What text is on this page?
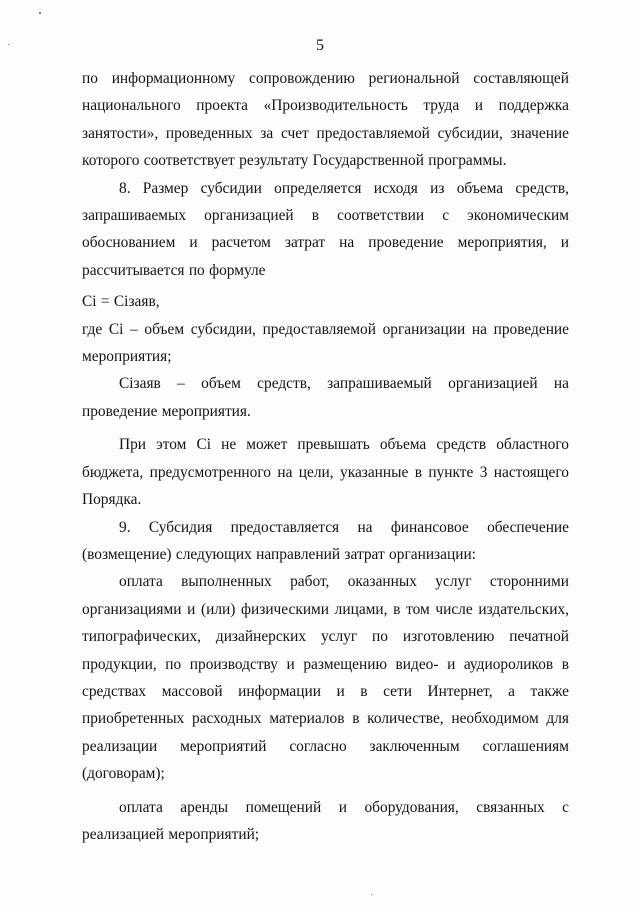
5

по информационному сопровождению региональной составляющей национального проекта «Производительность труда и поддержка занятости», проведенных за счет предоставляемой субсидии, значение которого соответствует результату Государственной программы.

8. Размер субсидии определяется исходя из объема средств, запрашиваемых организацией в соответствии с экономическим обоснованием и расчетом затрат на проведение мероприятия, и рассчитывается по формуле

Ci = Ciзаяв,

где Ci – объем субсидии, предоставляемой организации на проведение мероприятия;

Ciзаяв – объем средств, запрашиваемый организацией на проведение мероприятия.

При этом Ci не может превышать объема средств областного бюджета, предусмотренного на цели, указанные в пункте 3 настоящего Порядка.

9. Субсидия предоставляется на финансовое обеспечение (возмещение) следующих направлений затрат организации:

оплата выполненных работ, оказанных услуг сторонними организациями и (или) физическими лицами, в том числе издательских, типографических, дизайнерских услуг по изготовлению печатной продукции, по производству и размещению видео- и аудиороликов в средствах массовой информации и в сети Интернет, а также приобретенных расходных материалов в количестве, необходимом для реализации мероприятий согласно заключенным соглашениям (договорам);

оплата аренды помещений и оборудования, связанных с реализацией мероприятий;
